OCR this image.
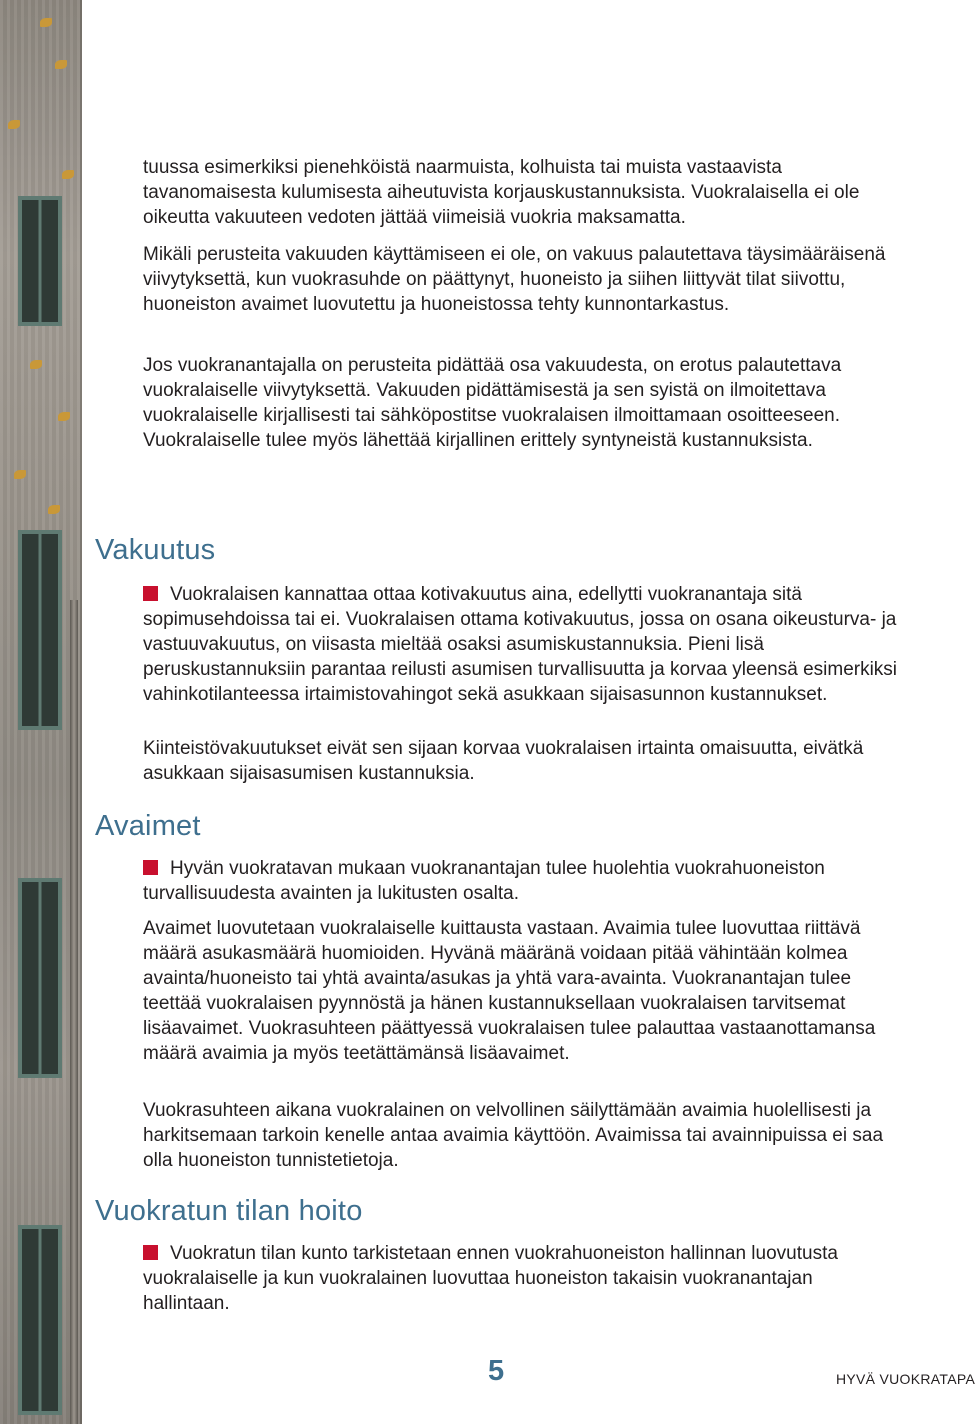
tuussa esimerkiksi pienehköistä naarmuista, kolhuista tai muista vastaavista tavanomaisesta kulumisesta aiheutuvista korjauskustannuksista. Vuokralaisella ei ole oikeutta vakuuteen vedoten jättää viimeisiä vuokria maksamatta.

Mikäli perusteita vakuuden käyttämiseen ei ole, on vakuus palautettava täysimääräisenä viivytyksettä, kun vuokrasuhde on päättynyt, huoneisto ja siihen liittyvät tilat siivottu, huoneiston avaimet luovutettu ja huoneistossa tehty kunnontarkastus.

Jos vuokranantajalla on perusteita pidättää osa vakuudesta, on erotus palautettava vuokralaiselle viivytyksettä. Vakuuden pidättämisestä ja sen syistä on ilmoitettava vuokralaiselle kirjallisesti tai sähköpostitse vuokralaisen ilmoittamaan osoitteeseen. Vuokralaiselle tulee myös lähettää kirjallinen erittely syntyneistä kustannuksista.

Vakuutus

Vuokralaisen kannattaa ottaa kotivakuutus aina, edellytti vuokranantaja sitä sopimusehdoissa tai ei. Vuokralaisen ottama kotivakuutus, jossa on osana oikeusturva- ja vastuuvakuutus, on viisasta mieltää osaksi asumiskustannuksia. Pieni lisä peruskustannuksiin parantaa reilusti asumisen turvallisuutta ja korvaa yleensä esimerkiksi vahinkotilanteessa irtaimistovahingot sekä asukkaan sijaisasunnon kustannukset.

Kiinteistövakuutukset eivät sen sijaan korvaa vuokralaisen irtainta omaisuutta, eivätkä asukkaan sijaisasumisen kustannuksia.

Avaimet

Hyvän vuokratavan mukaan vuokranantajan tulee huolehtia vuokrahuoneiston turvallisuudesta avainten ja lukitusten osalta.

Avaimet luovutetaan vuokralaiselle kuittausta vastaan. Avaimia tulee luovuttaa riittävä määrä asukasmäärä huomioiden. Hyvänä määränä voidaan pitää vähintään kolmea avainta/huoneisto tai yhtä avainta/asukas ja yhtä vara-avainta. Vuokranantajan tulee teettää vuokralaisen pyynnöstä ja hänen kustannuksellaan vuokralaisen tarvitsemat lisäavaimet. Vuokrasuhteen päättyessä vuokralaisen tulee palauttaa vastaanottamansa määrä avaimia ja myös teetättämänsä lisäavaimet.

Vuokrasuhteen aikana vuokralainen on velvollinen säilyttämään avaimia huolellisesti ja harkitsemaan tarkoin kenelle antaa avaimia käyttöön. Avaimissa tai avainnipuissa ei saa olla huoneiston tunnistetietoja.

Vuokratun tilan hoito

Vuokratun tilan kunto tarkistetaan ennen vuokrahuoneiston hallinnan luovutusta vuokralaiselle ja kun vuokralainen luovuttaa huoneiston takaisin vuokranantajan hallintaan.

5	HYVÄ VUOKRATAPA
